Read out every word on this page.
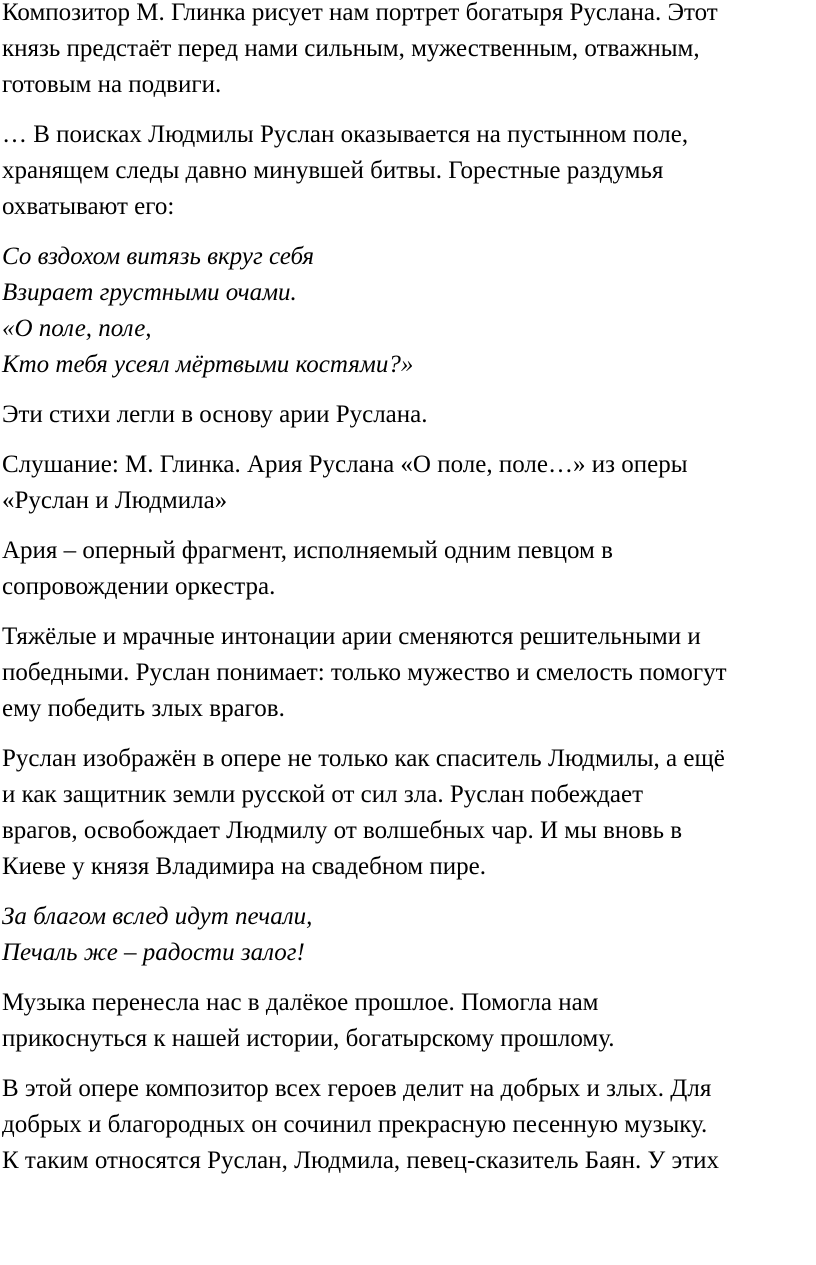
Композитор М. Глинка рисует нам портрет богатыря Руслана. Этот
князь предстаёт перед нами сильным, мужественным, отважным,
готовым на подвиги.
… В поисках Людмилы Руслан оказывается на пустынном поле,
хранящем следы давно минувшей битвы. Горестные раздумья
охватывают его:
Со вздохом витязь вкруг себя
Взирает грустными очами.
«О поле, поле,
Кто тебя усеял мёртвыми костями?»
Эти стихи легли в основу арии Руслана.
Слушание: М. Глинка. Ария Руслана «О поле, поле…» из оперы
«Руслан и Людмила»
Ария – оперный фрагмент, исполняемый одним певцом в
сопровождении оркестра.
Тяжёлые и мрачные интонации арии сменяются решительными и
победными. Руслан понимает: только мужество и смелость помогут
ему победить злых врагов.
Руслан изображён в опере не только как спаситель Людмилы, а ещё
и как защитник земли русской от сил зла. Руслан побеждает
врагов, освобождает Людмилу от волшебных чар. И мы вновь в
Киеве у князя Владимира на свадебном пире.
За благом вслед идут печали,
Печаль же – радости залог!
Музыка перенесла нас в далёкое прошлое. Помогла нам
прикоснуться к нашей истории, богатырскому прошлому.
В этой опере композитор всех героев делит на добрых и злых. Для
добрых и благородных он сочинил прекрасную песенную музыку.
К таким относятся Руслан, Людмила, певец-сказитель Баян. У этих
